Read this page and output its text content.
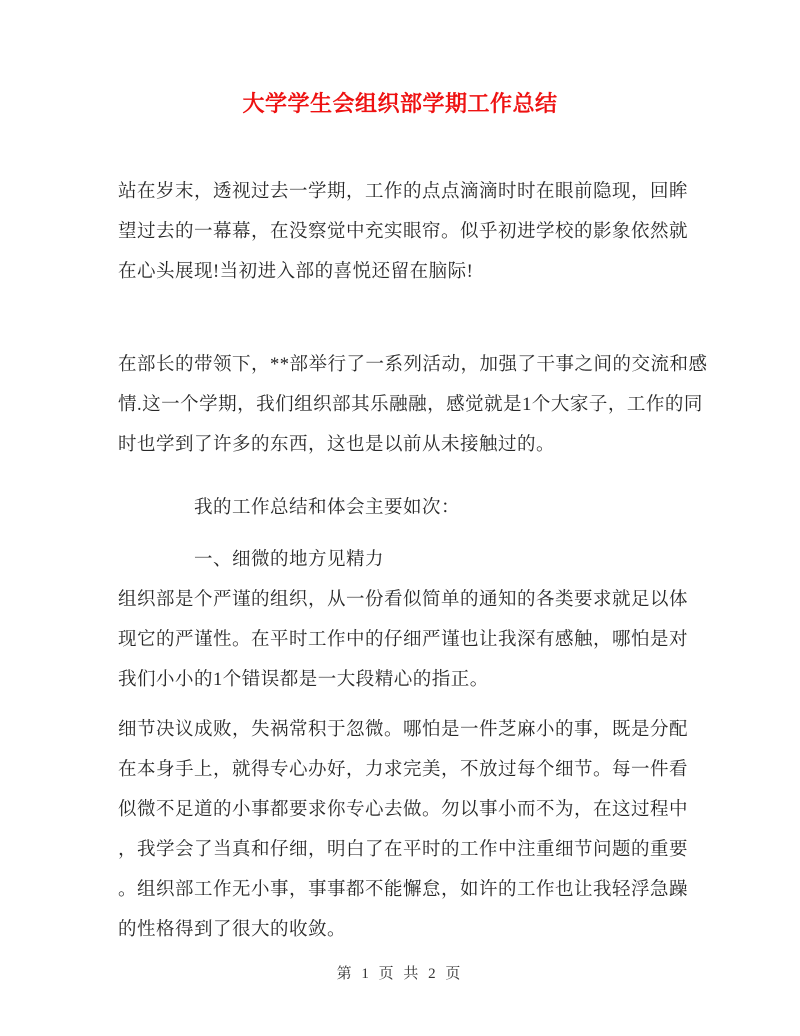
大学学生会组织部学期工作总结
站在岁末，透视过去一学期，工作的点点滴滴时时在眼前隐现，回眸
望过去的一幕幕，在没察觉中充实眼帘。似乎初进学校的影象依然就
在心头展现!当初进入部的喜悦还留在脑际!
在部长的带领下，**部举行了一系列活动，加强了干事之间的交流和感
情.这一个学期，我们组织部其乐融融，感觉就是1个大家子，工作的同
时也学到了许多的东西，这也是以前从未接触过的。
我的工作总结和体会主要如次：
一、细微的地方见精力
组织部是个严谨的组织，从一份看似简单的通知的各类要求就足以体
现它的严谨性。在平时工作中的仔细严谨也让我深有感触，哪怕是对
我们小小的1个错误都是一大段精心的指正。
细节决议成败，失祸常积于忽微。哪怕是一件芝麻小的事，既是分配
在本身手上，就得专心办好，力求完美，不放过每个细节。每一件看
似微不足道的小事都要求你专心去做。勿以事小而不为，在这过程中
，我学会了当真和仔细，明白了在平时的工作中注重细节问题的重要
。组织部工作无小事，事事都不能懈怠，如许的工作也让我轻浮急躁
的性格得到了很大的收敛。
第 1 页 共 2 页
